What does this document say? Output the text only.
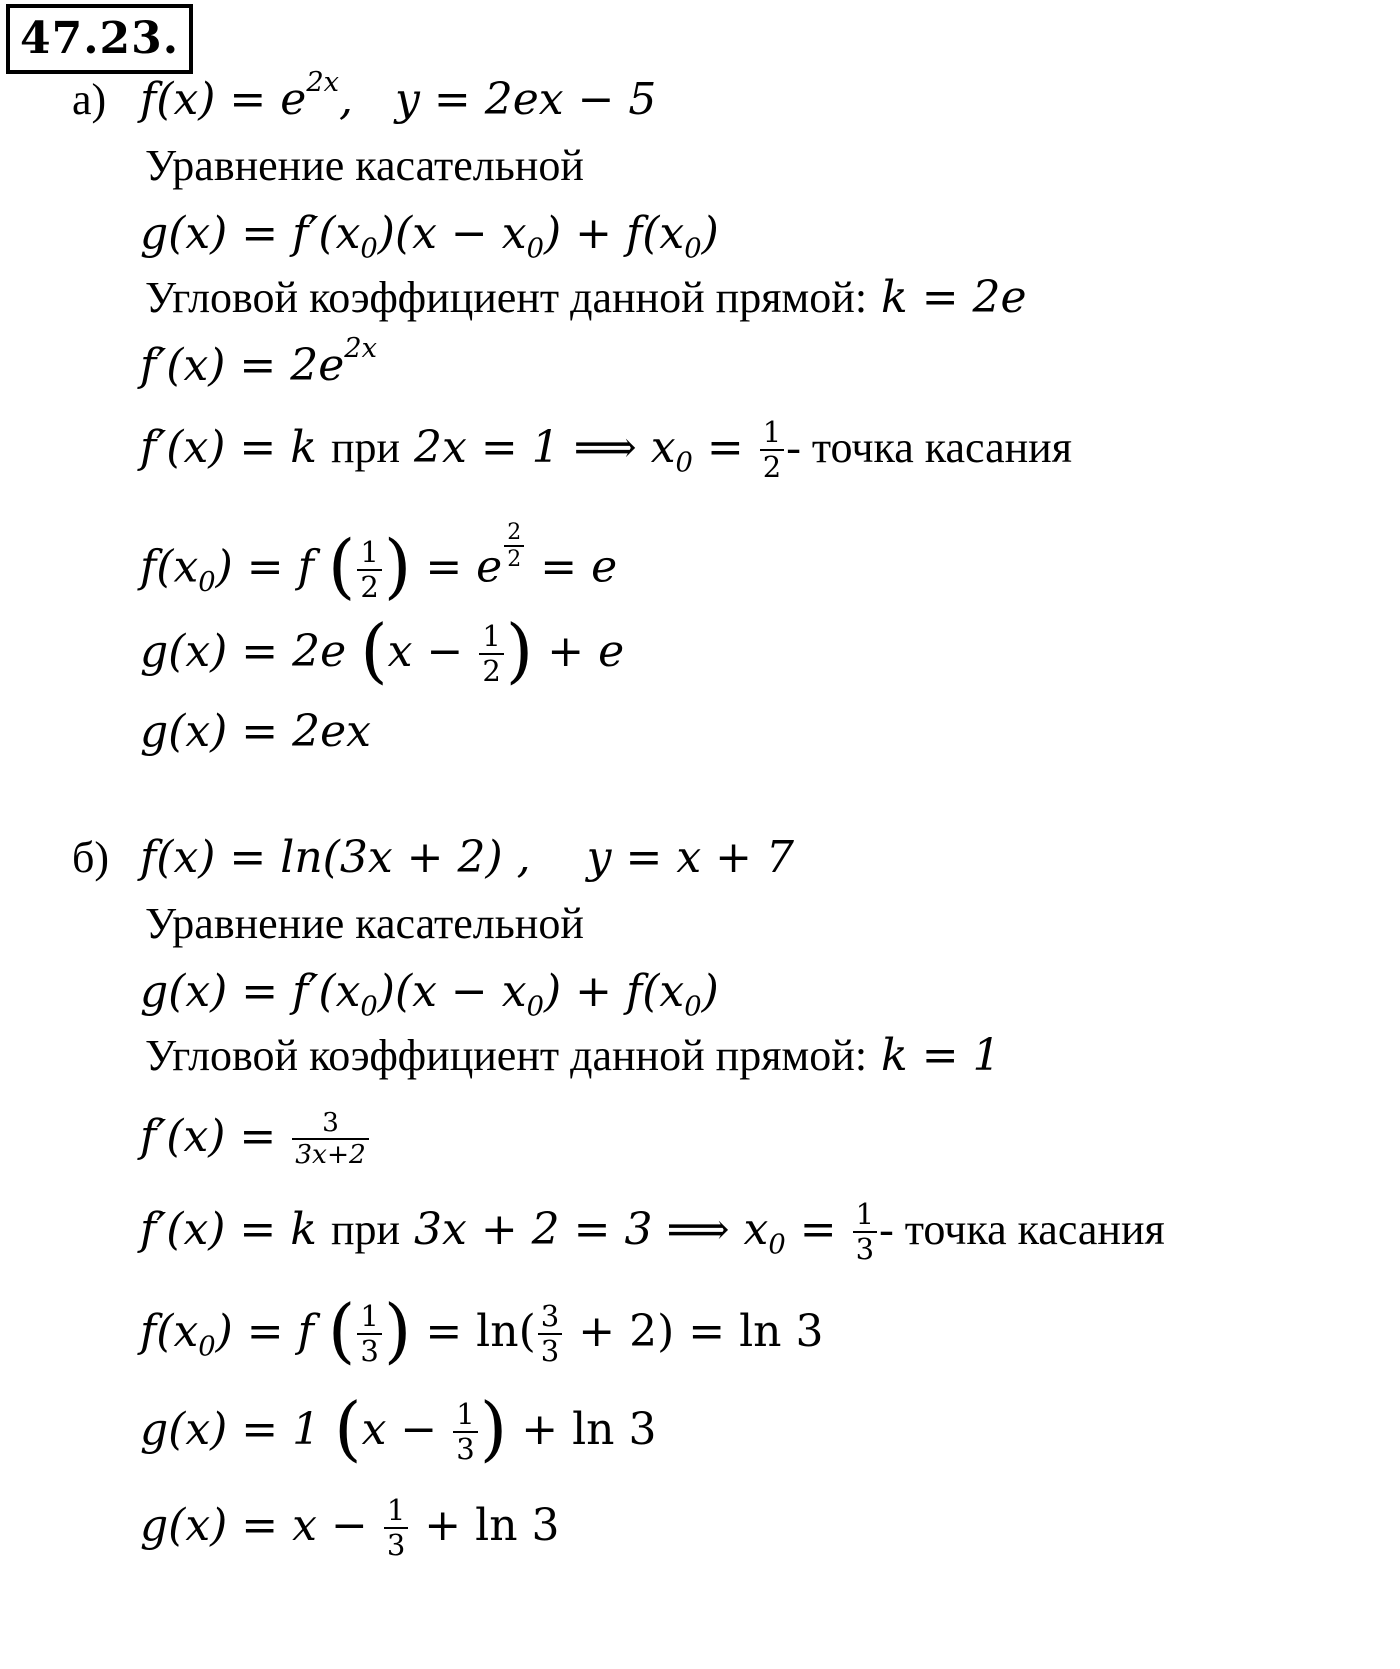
47.23.
а) $f(x) = e^{2x}$, y = 2ex − 5
Уравнение касательной
$g(x) = f'(x_0)(x - x_0) + f(x_0)$
Угловой коэффициент данной прямой: k = 2e
$f'(x) = 2e^{2x}$
f′(x) = k при 2x = 1 ⟹ $x_0 = \frac{1}{2}$ - точка касания
$f(x_0) = f$ ( $\frac{1}{2}$ ) = e $\frac{2}{2} = e$
g(x) = 2e ($x - \frac{1}{2}$ ) + e
g(x) = 2ex
б) f(x) = ln(3x + 2) , y = x + 7
Уравнение касательной
$g(x) = f'(x_0)(x - x_0) + f(x_0)$
Угловой коэффициент данной прямой: k = 1
$f'(x) = \frac{3}{3x+2}$
f′(x) = k при 3x + 2 = 3 ⟹ $x_0 = \frac{1}{3}$ - точка касания
$f(x_0) = f$ ( $\frac{1}{3}$ ) = $\ln( \frac{3}{3} + 2) = \ln 3$
g(x) = 1 ($x - \frac{1}{3}$ ) + ln 3
$g(x) = x - \frac{1}{3} + \ln 3$
